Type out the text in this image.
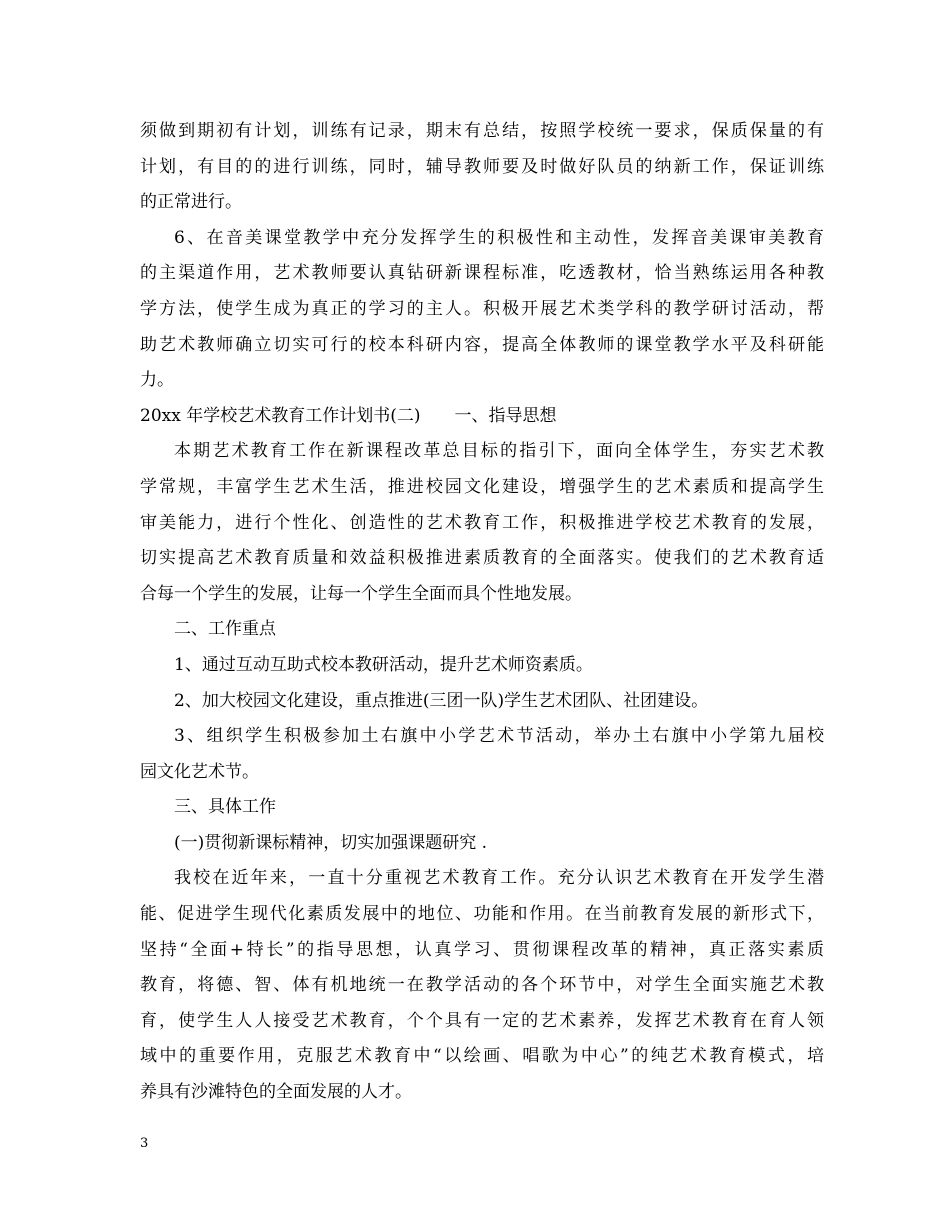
须做到期初有计划，训练有记录，期末有总结，按照学校统一要求，保质保量的有
计划，有目的的进行训练，同时，辅导教师要及时做好队员的纳新工作，保证训练
的正常进行。
6、在音美课堂教学中充分发挥学生的积极性和主动性，发挥音美课审美教育
的主渠道作用，艺术教师要认真钻研新课程标准，吃透教材，恰当熟练运用各种教
学方法，使学生成为真正的学习的主人。积极开展艺术类学科的教学研讨活动，帮
助艺术教师确立切实可行的校本科研内容，提高全体教师的课堂教学水平及科研能
力。
20xx 年学校艺术教育工作计划书(二)　　一、指导思想
本期艺术教育工作在新课程改革总目标的指引下，面向全体学生，夯实艺术教
学常规，丰富学生艺术生活，推进校园文化建设，增强学生的艺术素质和提高学生
审美能力，进行个性化、创造性的艺术教育工作，积极推进学校艺术教育的发展，
切实提高艺术教育质量和效益积极推进素质教育的全面落实。使我们的艺术教育适
合每一个学生的发展，让每一个学生全面而具个性地发展。
二、工作重点
1、通过互动互助式校本教研活动，提升艺术师资素质。
2、加大校园文化建设，重点推进(三团一队)学生艺术团队、社团建设。
3、组织学生积极参加土右旗中小学艺术节活动，举办土右旗中小学第九届校
园文化艺术节。
三、具体工作
(一)贯彻新课标精神，切实加强课题研究 .
我校在近年来，一直十分重视艺术教育工作。充分认识艺术教育在开发学生潜
能、促进学生现代化素质发展中的地位、功能和作用。在当前教育发展的新形式下，
坚持“全面+特长”的指导思想，认真学习、贯彻课程改革的精神，真正落实素质
教育，将德、智、体有机地统一在教学活动的各个环节中，对学生全面实施艺术教
育，使学生人人接受艺术教育，个个具有一定的艺术素养，发挥艺术教育在育人领
域中的重要作用，克服艺术教育中“以绘画、唱歌为中心”的纯艺术教育模式，培
养具有沙滩特色的全面发展的人才。
3
